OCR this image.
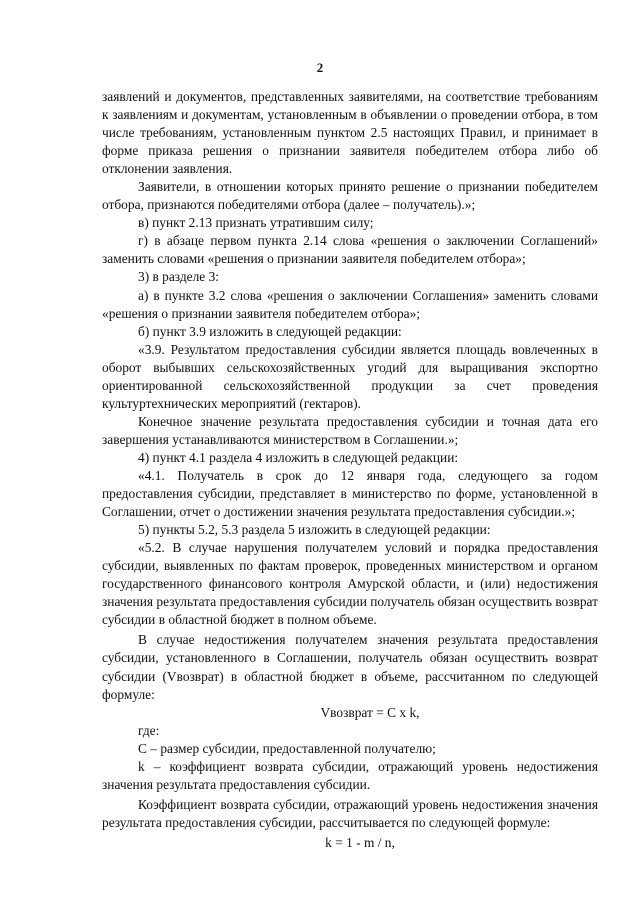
2

заявлений и документов, представленных заявителями, на соответствие требованиям к заявлениям и документам, установленным в объявлении о проведении отбора, в том числе требованиям, установленным пунктом 2.5 настоящих Правил, и принимает в форме приказа решения о признании заявителя победителем отбора либо об отклонении заявления.

Заявители, в отношении которых принято решение о признании победителем отбора, признаются победителями отбора (далее – получатель).»;

в) пункт 2.13 признать утратившим силу;

г) в абзаце первом пункта 2.14 слова «решения о заключении Соглашений» заменить словами «решения о признании заявителя победителем отбора»;

3) в разделе 3:

а) в пункте 3.2 слова «решения о заключении Соглашения» заменить словами «решения о признании заявителя победителем отбора»;

б) пункт 3.9 изложить в следующей редакции:

«3.9. Результатом предоставления субсидии является площадь вовлеченных в оборот выбывших сельскохозяйственных угодий для выращивания экспортно ориентированной сельскохозяйственной продукции за счет проведения культуртехнических мероприятий (гектаров).

Конечное значение результата предоставления субсидии и точная дата его завершения устанавливаются министерством в Соглашении.»;

4) пункт 4.1 раздела 4 изложить в следующей редакции:

«4.1. Получатель в срок до 12 января года, следующего за годом предоставления субсидии, представляет в министерство по форме, установленной в Соглашении, отчет о достижении значения результата предоставления субсидии.»;

5) пункты 5.2, 5.3 раздела 5 изложить в следующей редакции:

«5.2. В случае нарушения получателем условий и порядка предоставления субсидии, выявленных по фактам проверок, проведенных министерством и органом государственного финансового контроля Амурской области, и (или) недостижения значения результата предоставления субсидии получатель обязан осуществить возврат субсидии в областной бюджет в полном объеме.

В случае недостижения получателем значения результата предоставления субсидии, установленного в Соглашении, получатель обязан осуществить возврат субсидии (Vвозврат) в областной бюджет в объеме, рассчитанном по следующей формуле:

Vвозврат = C x k,

где:

C – размер субсидии, предоставленной получателю;

k – коэффициент возврата субсидии, отражающий уровень недостижения значения результата предоставления субсидии.

Коэффициент возврата субсидии, отражающий уровень недостижения значения результата предоставления субсидии, рассчитывается по следующей формуле:

k = 1 - m / n,
